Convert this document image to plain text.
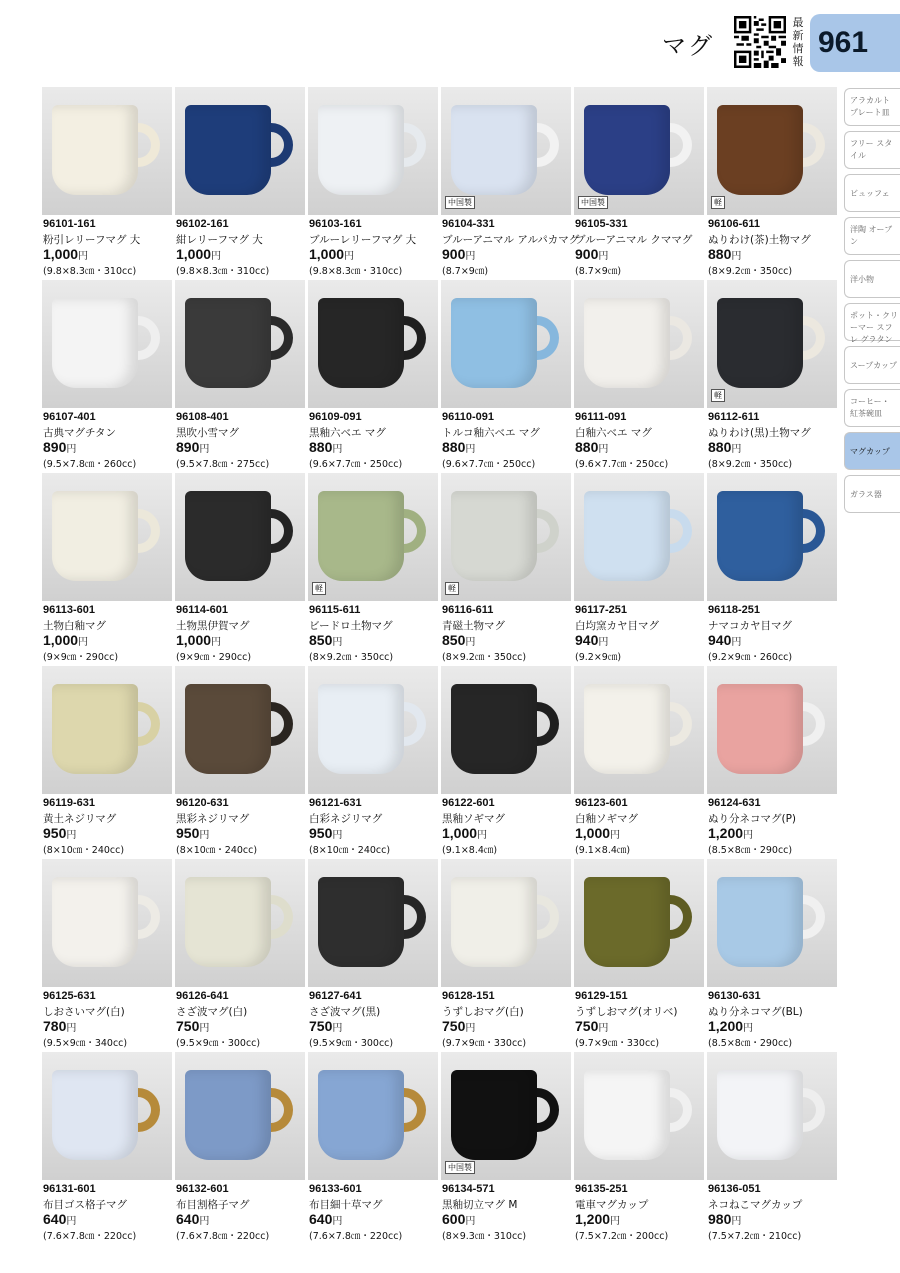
マグ
最新情報
961
アラカルト プレート皿
フリー スタイル
ビュッフェ
洋陶 オーブン
洋小物
ポット・クリーマー スフレ グラタン
スープカップ
コーヒー・ 紅茶碗皿
マグカップ
ガラス器
96101-161
粉引レリーフマグ 大
1,000円
(9.8×8.3㎝・310cc)
96102-161
紺レリーフマグ 大
1,000円
(9.8×8.3㎝・310cc)
96103-161
ブルーレリーフマグ 大
1,000円
(9.8×8.3㎝・310cc)
中国製
96104-331
ブルーアニマル アルパカマグ
900円
(8.7×9㎝)
中国製
96105-331
ブルーアニマル クママグ
900円
(8.7×9㎝)
軽
96106-611
ぬりわけ(茶)土物マグ
880円
(8×9.2㎝・350cc)
96107-401
古典マグチタン
890円
(9.5×7.8㎝・260cc)
96108-401
黒吹小雪マグ
890円
(9.5×7.8㎝・275cc)
96109-091
黒釉六ベエ マグ
880円
(9.6×7.7㎝・250cc)
96110-091
トルコ釉六ベエ マグ
880円
(9.6×7.7㎝・250cc)
96111-091
白釉六ベエ マグ
880円
(9.6×7.7㎝・250cc)
軽
96112-611
ぬりわけ(黒)土物マグ
880円
(8×9.2㎝・350cc)
96113-601
土物白釉マグ
1,000円
(9×9㎝・290cc)
96114-601
土物黒伊賀マグ
1,000円
(9×9㎝・290cc)
軽
96115-611
ビードロ土物マグ
850円
(8×9.2㎝・350cc)
軽
96116-611
青磁土物マグ
850円
(8×9.2㎝・350cc)
96117-251
白均窯カヤ目マグ
940円
(9.2×9㎝)
96118-251
ナマコカヤ目マグ
940円
(9.2×9㎝・260cc)
96119-631
黄土ネジリマグ
950円
(8×10㎝・240cc)
96120-631
黒彩ネジリマグ
950円
(8×10㎝・240cc)
96121-631
白彩ネジリマグ
950円
(8×10㎝・240cc)
96122-601
黒釉ソギマグ
1,000円
(9.1×8.4㎝)
96123-601
白釉ソギマグ
1,000円
(9.1×8.4㎝)
96124-631
ぬり分ネコマグ(P)
1,200円
(8.5×8㎝・290cc)
96125-631
しおさいマグ(白)
780円
(9.5×9㎝・340cc)
96126-641
さざ波マグ(白)
750円
(9.5×9㎝・300cc)
96127-641
さざ波マグ(黒)
750円
(9.5×9㎝・300cc)
96128-151
うずしおマグ(白)
750円
(9.7×9㎝・330cc)
96129-151
うずしおマグ(オリベ)
750円
(9.7×9㎝・330cc)
96130-631
ぬり分ネコマグ(BL)
1,200円
(8.5×8㎝・290cc)
96131-601
布目ゴス格子マグ
640円
(7.6×7.8㎝・220cc)
96132-601
布目割格子マグ
640円
(7.6×7.8㎝・220cc)
96133-601
布目細十草マグ
640円
(7.6×7.8㎝・220cc)
中国製
96134-571
黒釉切立マグ M
600円
(8×9.3㎝・310cc)
96135-251
電車マグカップ
1,200円
(7.5×7.2㎝・200cc)
96136-051
ネコねこマグカップ
980円
(7.5×7.2㎝・210cc)
